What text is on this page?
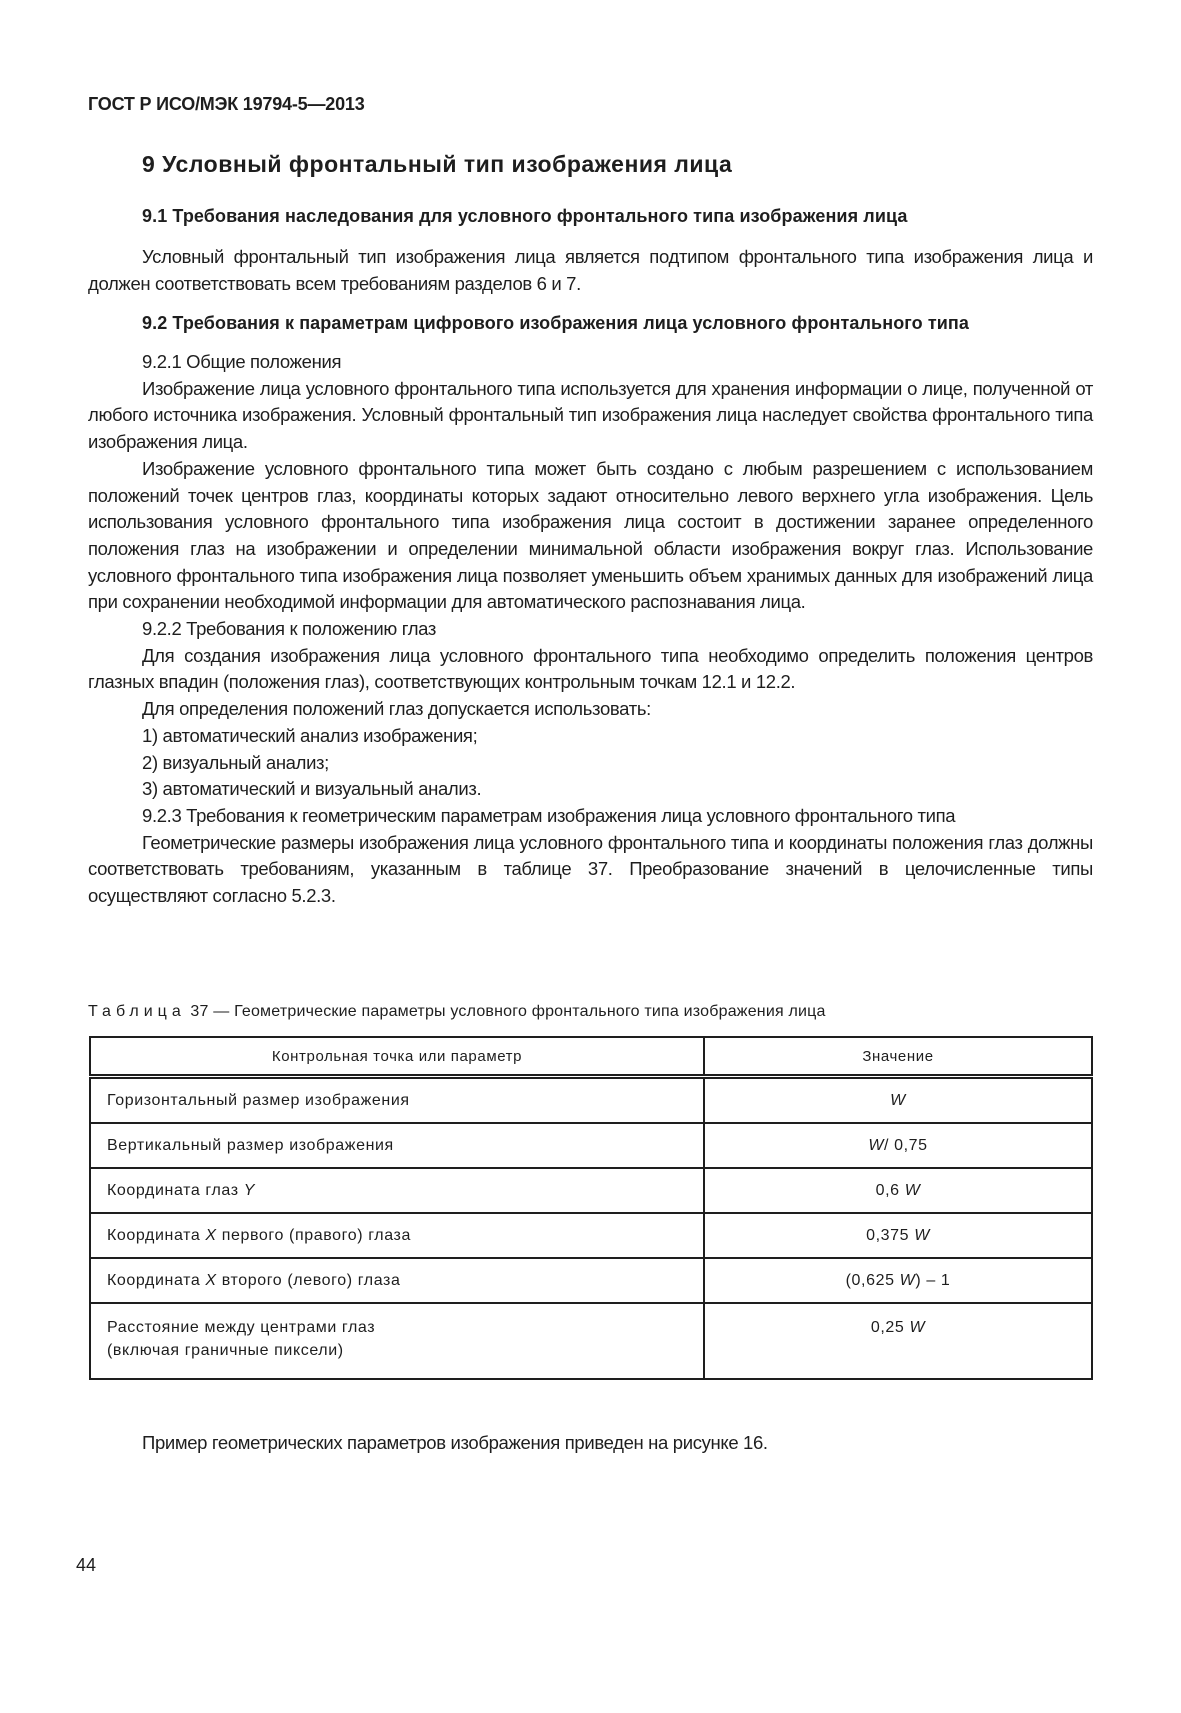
ГОСТ Р ИСО/МЭК 19794-5—2013
9 Условный фронтальный тип изображения лица
9.1 Требования наследования для условного фронтального типа изображения лица

Условный фронтальный тип изображения лица является подтипом фронтального типа изображения лица и должен соответствовать всем требованиям разделов 6 и 7.

9.2 Требования к параметрам цифрового изображения лица условного фронтального типа

9.2.1 Общие положения

Изображение лица условного фронтального типа используется для хранения информации о лице, полученной от любого источника изображения. Условный фронтальный тип изображения лица наследует свойства фронтального типа изображения лица.

Изображение условного фронтального типа может быть создано с любым разрешением с использованием положений точек центров глаз, координаты которых задают относительно левого верхнего угла изображения. Цель использования условного фронтального типа изображения лица состоит в достижении заранее определенного положения глаз на изображении и определении минимальной области изображения вокруг глаз. Использование условного фронтального типа изображения лица позволяет уменьшить объем хранимых данных для изображений лица при сохранении необходимой информации для автоматического распознавания лица.

9.2.2 Требования к положению глаз

Для создания изображения лица условного фронтального типа необходимо определить положения центров глазных впадин (положения глаз), соответствующих контрольным точкам 12.1 и 12.2.

Для определения положений глаз допускается использовать:

1) автоматический анализ изображения;

2) визуальный анализ;

3) автоматический и визуальный анализ.

9.2.3 Требования к геометрическим параметрам изображения лица условного фронтального типа

Геометрические размеры изображения лица условного фронтального типа и координаты положения глаз должны соответствовать требованиям, указанным в таблице 37. Преобразование значений в целочисленные типы осуществляют согласно 5.2.3.

Таблица 37 — Геометрические параметры условного фронтального типа изображения лица
Контрольная точка или параметр	Значение
Горизонтальный размер изображения	W
Вертикальный размер изображения	W/ 0,75
Координата глаз Y	0,6 W
Координата X первого (правого) глаза	0,375 W
Координата X второго (левого) глаза	(0,625 W) – 1

Расстояние между центрами глаз
(включая граничные пиксели)	0,25 W
Пример геометрических параметров изображения приведен на рисунке 16.
44
